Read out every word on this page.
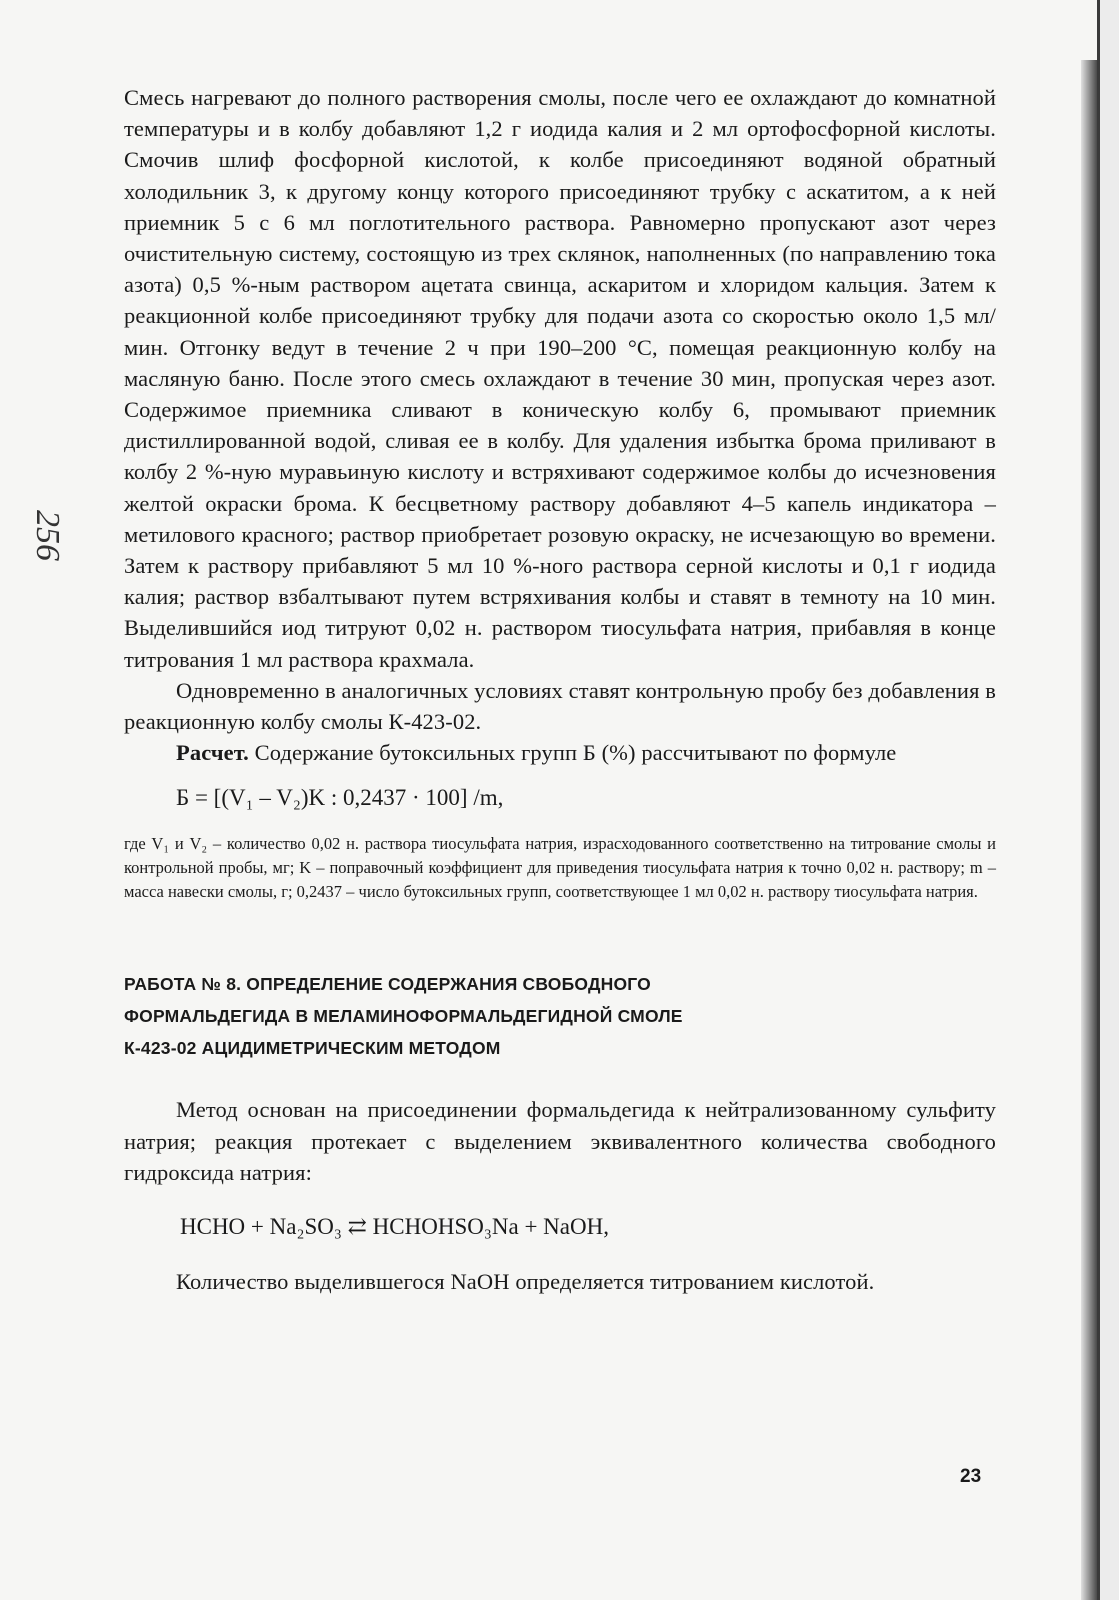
256

Смесь нагревают до полного растворения смолы, после чего ее охлаждают до комнатной температуры и в колбу добавляют 1,2 г иодида калия и 2 мл ортофосфорной кислоты. Смочив шлиф фосфорной кислотой, к колбе присоединяют водяной обратный холодильник 3, к другому концу которого присоединяют трубку с аскатитом, а к ней приемник 5 с 6 мл поглотительного раствора. Равномерно пропускают азот через очистительную систему, состоящую из трех склянок, наполненных (по направлению тока азота) 0,5 %-ным раствором ацетата свинца, аскаритом и хлоридом кальция. Затем к реакционной колбе присоединяют трубку для подачи азота со скоростью около 1,5 мл/мин. Отгонку ведут в течение 2 ч при 190–200 °С, помещая реакционную колбу на масляную баню. После этого смесь охлаждают в течение 30 мин, пропуская через азот. Содержимое приемника сливают в коническую колбу 6, промывают приемник дистиллированной водой, сливая ее в колбу. Для удаления избытка брома приливают в колбу 2 %-ную муравьиную кислоту и встряхивают содержимое колбы до исчезновения желтой окраски брома. К бесцветному раствору добавляют 4–5 капель индикатора – метилового красного; раствор приобретает розовую окраску, не исчезающую во времени. Затем к раствору прибавляют 5 мл 10 %-ного раствора серной кислоты и 0,1 г иодида калия; раствор взбалтывают путем встряхивания колбы и ставят в темноту на 10 мин. Выделившийся иод титруют 0,02 н. раствором тиосульфата натрия, прибавляя в конце титрования 1 мл раствора крахмала.

Одновременно в аналогичных условиях ставят контрольную пробу без добавления в реакционную колбу смолы К-423-02.

Расчет. Содержание бутоксильных групп Б (%) рассчитывают по формуле

Б = [(V₁ – V₂)K : 0,2437 · 100] /m,

где V₁ и V₂ – количество 0,02 н. раствора тиосульфата натрия, израсходованного соответственно на титрование смолы и контрольной пробы, мг; K – поправочный коэффициент для приведения тиосульфата натрия к точно 0,02 н. раствору; m – масса навески смолы, г; 0,2437 – число бутоксильных групп, соответствующее 1 мл 0,02 н. раствору тиосульфата натрия.

РАБОТА № 8. ОПРЕДЕЛЕНИЕ СОДЕРЖАНИЯ СВОБОДНОГО
ФОРМАЛЬДЕГИДА В МЕЛАМИНОФОРМАЛЬДЕГИДНОЙ СМОЛЕ
К-423-02 АЦИДИМЕТРИЧЕСКИМ МЕТОДОМ

Метод основан на присоединении формальдегида к нейтрализованному сульфиту натрия; реакция протекает с выделением эквивалентного количества свободного гидроксида натрия:

HCHO + Na₂SO₃ ⇄ HCHOHSO₃Na + NaOH,

Количество выделившегося NaOH определяется титрованием кислотой.

23
